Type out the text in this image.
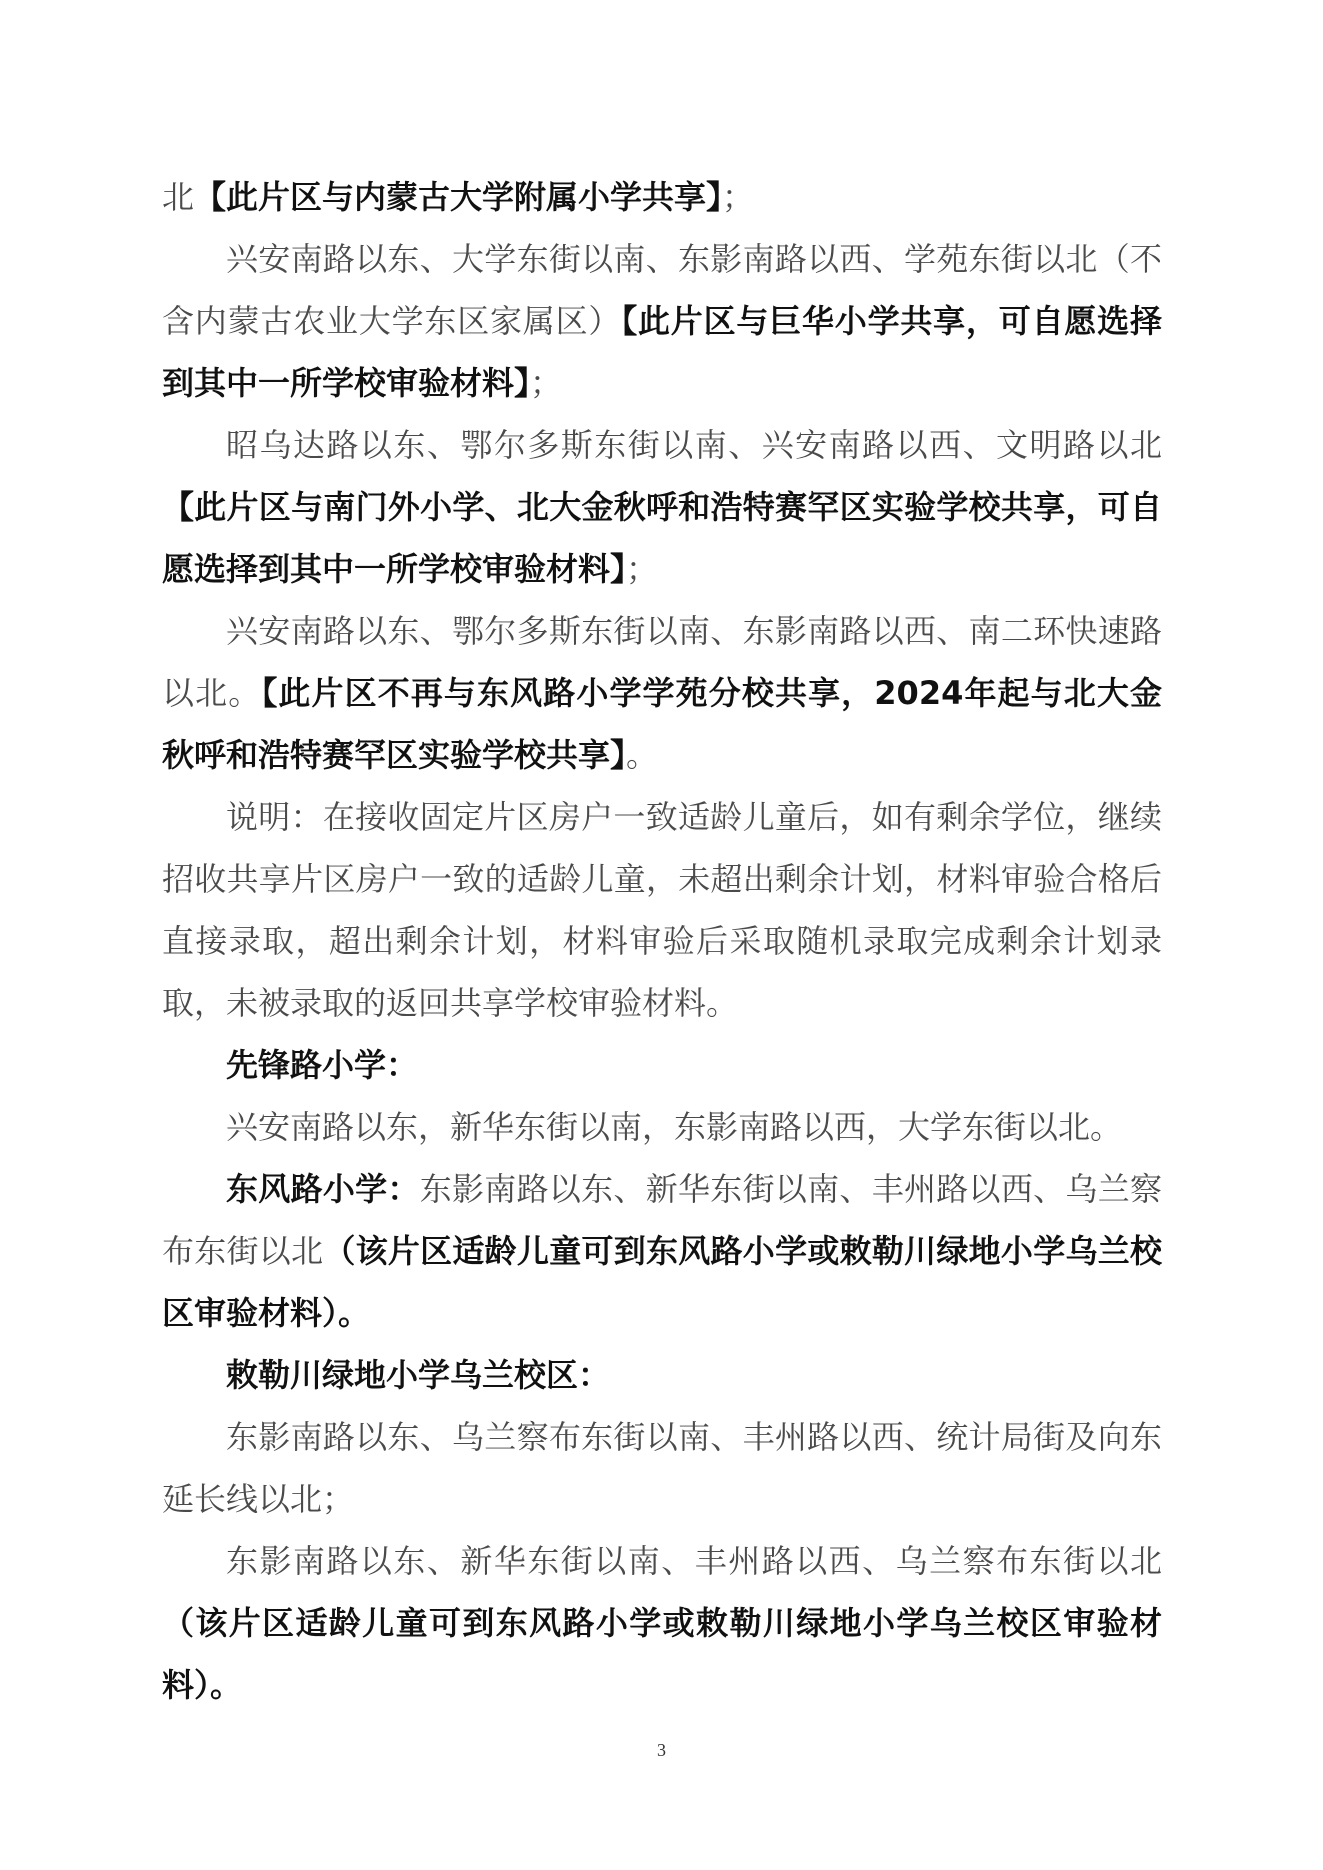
北【此片区与内蒙古大学附属小学共享】；

兴安南路以东、大学东街以南、东影南路以西、学苑东街以北（不含内蒙古农业大学东区家属区）【此片区与巨华小学共享，可自愿选择到其中一所学校审验材料】；

昭乌达路以东、鄂尔多斯东街以南、兴安南路以西、文明路以北【此片区与南门外小学、北大金秋呼和浩特赛罕区实验学校共享，可自愿选择到其中一所学校审验材料】；

兴安南路以东、鄂尔多斯东街以南、东影南路以西、南二环快速路以北。【此片区不再与东风路小学学苑分校共享，2024年起与北大金秋呼和浩特赛罕区实验学校共享】。

说明：在接收固定片区房户一致适龄儿童后，如有剩余学位，继续招收共享片区房户一致的适龄儿童，未超出剩余计划，材料审验合格后直接录取，超出剩余计划，材料审验后采取随机录取完成剩余计划录取，未被录取的返回共享学校审验材料。

先锋路小学：

兴安南路以东，新华东街以南，东影南路以西，大学东街以北。

东风路小学：东影南路以东、新华东街以南、丰州路以西、乌兰察布东街以北（该片区适龄儿童可到东风路小学或敕勒川绿地小学乌兰校区审验材料）。

敕勒川绿地小学乌兰校区：

东影南路以东、乌兰察布东街以南、丰州路以西、统计局街及向东延长线以北；

东影南路以东、新华东街以南、丰州路以西、乌兰察布东街以北（该片区适龄儿童可到东风路小学或敕勒川绿地小学乌兰校区审验材料）。

3
